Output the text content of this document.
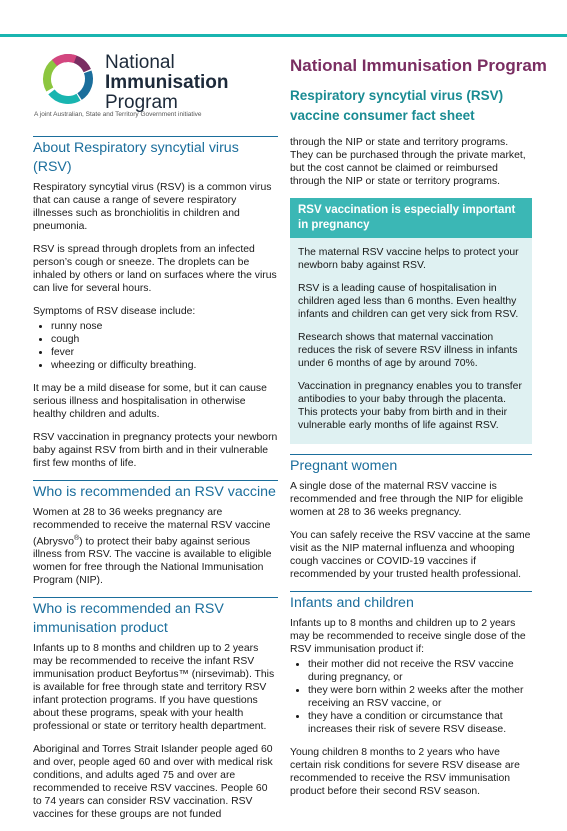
National
Immunisation
Program
A joint Australian, State and Territory Government initiative
National Immunisation Program
Respiratory syncytial virus (RSV) vaccine consumer fact sheet
About Respiratory syncytial virus (RSV)

Respiratory syncytial virus (RSV) is a common virus that can cause a range of severe respiratory illnesses such as bronchiolitis in children and pneumonia.

RSV is spread through droplets from an infected person’s cough or sneeze. The droplets can be inhaled by others or land on surfaces where the virus can live for several hours.

Symptoms of RSV disease include:

• runny nose
• cough
• fever
• wheezing or difficulty breathing.

It may be a mild disease for some, but it can cause serious illness and hospitalisation in otherwise healthy children and adults.

RSV vaccination in pregnancy protects your newborn baby against RSV from birth and in their vulnerable first few months of life.

Who is recommended an RSV vaccine

Women at 28 to 36 weeks pregnancy are recommended to receive the maternal RSV vaccine (Abrysvo®) to protect their baby against serious illness from RSV. The vaccine is available to eligible women for free through the National Immunisation Program (NIP).

Who is recommended an RSV immunisation product

Infants up to 8 months and children up to 2 years may be recommended to receive the infant RSV immunisation product Beyfortus™ (nirsevimab). This is available for free through state and territory RSV infant protection programs. If you have questions about these programs, speak with your health professional or state or territory health department.

Aboriginal and Torres Strait Islander people aged 60 and over, people aged 60 and over with medical risk conditions, and adults aged 75 and over are recommended to receive RSV vaccines. People 60 to 74 years can consider RSV vaccination. RSV vaccines for these groups are not funded

through the NIP or state and territory programs. They can be purchased through the private market, but the cost cannot be claimed or reimbursed through the NIP or state or territory programs.

RSV vaccination is especially important in pregnancy

The maternal RSV vaccine helps to protect your newborn baby against RSV.

RSV is a leading cause of hospitalisation in children aged less than 6 months. Even healthy infants and children can get very sick from RSV.

Research shows that maternal vaccination reduces the risk of severe RSV illness in infants under 6 months of age by around 70%.

Vaccination in pregnancy enables you to transfer antibodies to your baby through the placenta. This protects your baby from birth and in their vulnerable early months of life against RSV.

Pregnant women

A single dose of the maternal RSV vaccine is recommended and free through the NIP for eligible women at 28 to 36 weeks pregnancy.

You can safely receive the RSV vaccine at the same visit as the NIP maternal influenza and whooping cough vaccines or COVID-19 vaccines if recommended by your trusted health professional.

Infants and children

Infants up to 8 months and children up to 2 years may be recommended to receive single dose of the RSV immunisation product if:

• their mother did not receive the RSV vaccine during pregnancy, or
• they were born within 2 weeks after the mother receiving an RSV vaccine, or
• they have a condition or circumstance that increases their risk of severe RSV disease.

Young children 8 months to 2 years who have certain risk conditions for severe RSV disease are recommended to receive the RSV immunisation product before their second RSV season.
